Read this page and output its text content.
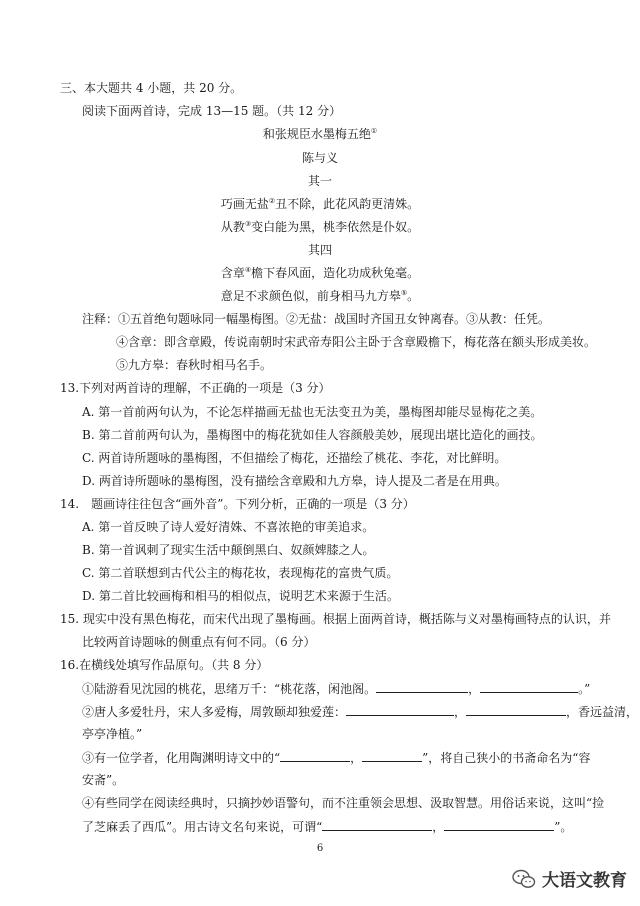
三、本大题共 4 小题，共 20 分。
阅读下面两首诗，完成 13—15 题。（共 12 分）
和张规臣水墨梅五绝①
陈与义
其一
巧画无盐②丑不除，此花风韵更清姝。
从教③变白能为黑，桃李依然是仆奴。
其四
含章④檐下春风面，造化功成秋兔毫。
意足不求颜色似，前身相马九方皋⑤。
注释：①五首绝句题咏同一幅墨梅图。②无盐：战国时齐国丑女钟离春。③从教：任凭。
④含章：即含章殿，传说南朝时宋武帝寿阳公主卧于含章殿檐下，梅花落在额头形成美妆。
⑤九方皋：春秋时相马名手。
13.下列对两首诗的理解，不正确的一项是（3 分）
A. 第一首前两句认为，不论怎样描画无盐也无法变丑为美，墨梅图却能尽显梅花之美。
B. 第二首前两句认为，墨梅图中的梅花犹如佳人容颜般美妙，展现出堪比造化的画技。
C. 两首诗所题咏的墨梅图，不但描绘了梅花，还描绘了桃花、李花，对比鲜明。
D. 两首诗所题咏的墨梅图，没有描绘含章殿和九方皋，诗人提及二者是在用典。
14.　题画诗往往包含“画外音”。下列分析，正确的一项是（3 分）
A. 第一首反映了诗人爱好清姝、不喜浓艳的审美追求。
B. 第一首讽刺了现实生活中颠倒黑白、奴颜婢膝之人。
C. 第二首联想到古代公主的梅花妆，表现梅花的富贵气质。
D. 第二首比较画梅和相马的相似点，说明艺术来源于生活。
15. 现实中没有黑色梅花，而宋代出现了墨梅画。根据上面两首诗，概括陈与义对墨梅画特点的认识，并
比较两首诗题咏的侧重点有何不同。（6 分）
16.在横线处填写作品原句。（共 8 分）
①陆游看见沈园的桃花，思绪万千：“桃花落，闲池阁。	，	。”
②唐人多爱牡丹，宋人多爱梅，周敦颐却独爱莲：	，	，香远益清，
亭亭净植。”
③有一位学者，化用陶渊明诗文中的“	，	”，将自己狭小的书斋命名为“容
安斋”。
④有些同学在阅读经典时，只摘抄妙语警句，而不注重领会思想、汲取智慧。用俗话来说，这叫“捡
了芝麻丢了西瓜”。用古诗文名句来说，可谓“	，	”。
6
大语文教育
